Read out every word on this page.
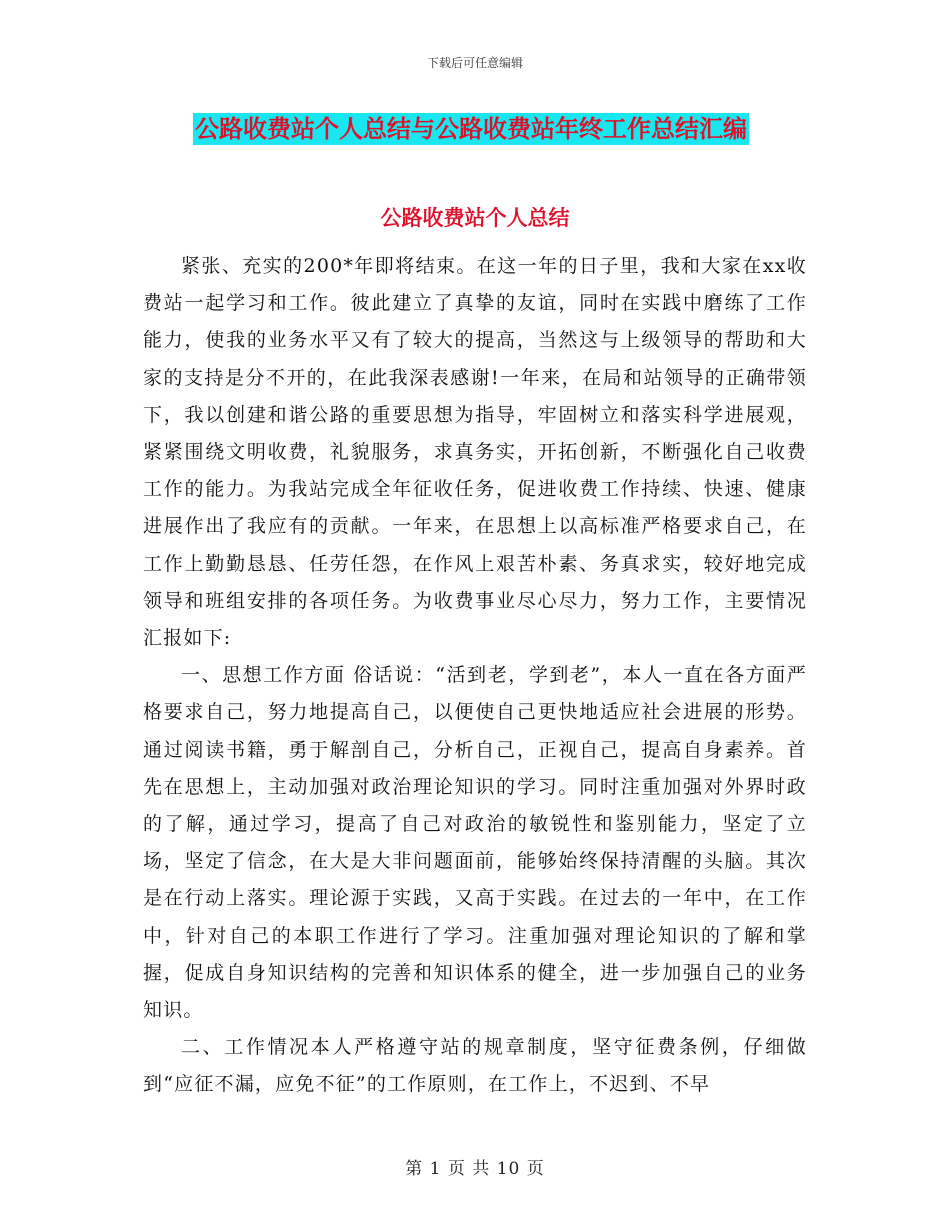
下载后可任意编辑
公路收费站个人总结与公路收费站年终工作总结汇编
公路收费站个人总结

紧张、充实的200*年即将结束。在这一年的日子里，我和大家在xx收费站一起学习和工作。彼此建立了真挚的友谊，同时在实践中磨练了工作能力，使我的业务水平又有了较大的提高，当然这与上级领导的帮助和大家的支持是分不开的，在此我深表感谢!一年来，在局和站领导的正确带领下，我以创建和谐公路的重要思想为指导，牢固树立和落实科学进展观，紧紧围绕文明收费，礼貌服务，求真务实，开拓创新，不断强化自己收费工作的能力。为我站完成全年征收任务，促进收费工作持续、快速、健康进展作出了我应有的贡献。一年来，在思想上以高标准严格要求自己，在工作上勤勤恳恳、任劳任怨，在作风上艰苦朴素、务真求实，较好地完成领导和班组安排的各项任务。为收费事业尽心尽力，努力工作，主要情况汇报如下:

一、思想工作方面 俗话说：“活到老，学到老”，本人一直在各方面严格要求自己，努力地提高自己，以便使自己更快地适应社会进展的形势。通过阅读书籍，勇于解剖自己，分析自己，正视自己，提高自身素养。首先在思想上，主动加强对政治理论知识的学习。同时注重加强对外界时政的了解，通过学习，提高了自己对政治的敏锐性和鉴别能力，坚定了立场，坚定了信念，在大是大非问题面前，能够始终保持清醒的头脑。其次是在行动上落实。理论源于实践，又高于实践。在过去的一年中，在工作中，针对自己的本职工作进行了学习。注重加强对理论知识的了解和掌握，促成自身知识结构的完善和知识体系的健全，进一步加强自己的业务知识。

二、工作情况本人严格遵守站的规章制度，坚守征费条例，仔细做到“应征不漏，应免不征”的工作原则，在工作上，不迟到、不早

第 1 页 共 10 页
